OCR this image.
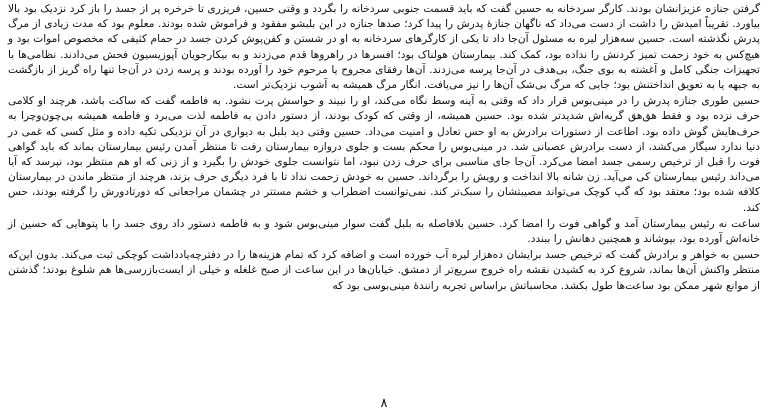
گرفتن جنازه عزیزانشان بودند. کارگر سردخانه به حسین گفت که باید قسمت جنوبی سردخانه را بگردد و وقتی حسین، فریزری تا خرخره پر از جسد را باز کرد نزدیک بود بالا بیاورد. تقریباً امیدش را داشت از دست می‌داد که ناگهان جنازهٔ پدرش را پیدا کرد؛ صدها جنازه در این بلبشو مفقود و فراموش شده بودند. معلوم بود که مدت زیادی از مرگ پدرش نگذشته است. حسین سه‌هزار لیره به مسئول آن‌جا داد تا یکی از کارگرهای سردخانه به او در شستن و کفن‌پوش کردن جسد در حمام کثیفی که مخصوص اموات بود و هیچ‌کس به خود زحمت تمیز کردنش را نداده بود، کمک کند. بیمارستان هولناک بود؛ افسرها در راهروها قدم می‌زدند و به بیکارجویان آپوزیسیون فحش می‌دادند. نظامی‌ها با تجهیزات جنگی کامل و آغشته به بوی جنگ، بی‌هدف در آن‌جا پرسه می‌زدند. آن‌ها رفقای مجروح یا مرحوم خود را آورده بودند و پرسه زدن در آن‌جا تنها راه گریز از بازگشت به جبهه یا به تعویق انداختنش بود؛ جایی که مرگ بی‌شک آن‌ها را نیز می‌یافت. انگار مرگ همیشه به آشوب نزدیک‌تر است.

حسین طوری جنازه پدرش را در مینی‌بوس قرار داد که وقتی به آینه وسط نگاه می‌کند، او را نبیند و حواسش پرت نشود. به فاطمه گفت که ساکت باشد، هرچند او کلامی حرف نزده بود و فقط هق‌هق گریه‌اش شدیدتر شده بود. حسین همیشه، از وقتی که کودک بودند، از دستور دادن به فاطمه لذت می‌برد و فاطمه همیشه بی‌چون‌وچرا به حرف‌هایش گوش داده بود. اطاعت از دستورات برادرش به او حس تعادل و امنیت می‌داد. حسین وقتی دید بلبل به دیواری در آن نزدیکی تکیه داده و مثل کسی که غمی در دنیا ندارد سیگار می‌کشد، از دست برادرش عصبانی شد. در مینی‌بوس را محکم بست و جلوی دروازه بیمارستان رفت تا منتظر آمدن رئیس بیمارستان بماند که باید گواهی فوت را قبل از ترخیص رسمی جسد امضا می‌کرد. آن‌جا جای مناسبی برای حرف زدن نبود، اما نتوانست جلوی خودش را بگیرد و از زنی که او هم منتظر بود، نپرسد که آیا می‌داند رئیس بیمارستان کی می‌آید. زن شانه بالا انداخت و رویش را برگرداند. حسین به خودش زحمت نداد تا با فرد دیگری حرف بزند، هرچند از منتظر ماندن در بیمارستان کلافه شده بود؛ معتقد بود که گپ کوچک می‌تواند مصیبتشان را سبک‌تر کند. نمی‌توانست اضطراب و خشم مستتر در چشمان مراجعانی که دورتادورش را گرفته بودند، حس کند.

ساعت نه رئیس بیمارستان آمد و گواهی فوت را امضا کرد. حسین بلافاصله به بلبل گفت سوار مینی‌بوس شود و به فاطمه دستور داد روی جسد را با پتوهایی که حسین از خانه‌اش آورده بود، بپوشاند و همچنین دهانش را ببندد.

حسین به خواهر و برادرش گفت که ترخیص جسد برایشان ده‌هزار لیره آب خورده است و اضافه کرد که تمام هزینه‌ها را در دفترچه‌یادداشت کوچکی ثبت می‌کند. بدون این‌که منتظر واکنش آن‌ها بماند، شروع کرد به کشیدن نقشه راه خروج سریع‌تر از دمشق. خیابان‌ها در این ساعت از صبح غلغله و خیلی از ایست‌بازرسی‌ها هم شلوغ بودند؛ گذشتن از موانع شهر ممکن بود ساعت‌ها طول بکشد. محاسباتش براساس تجربه رانندهٔ مینی‌بوسی بود که

۸
